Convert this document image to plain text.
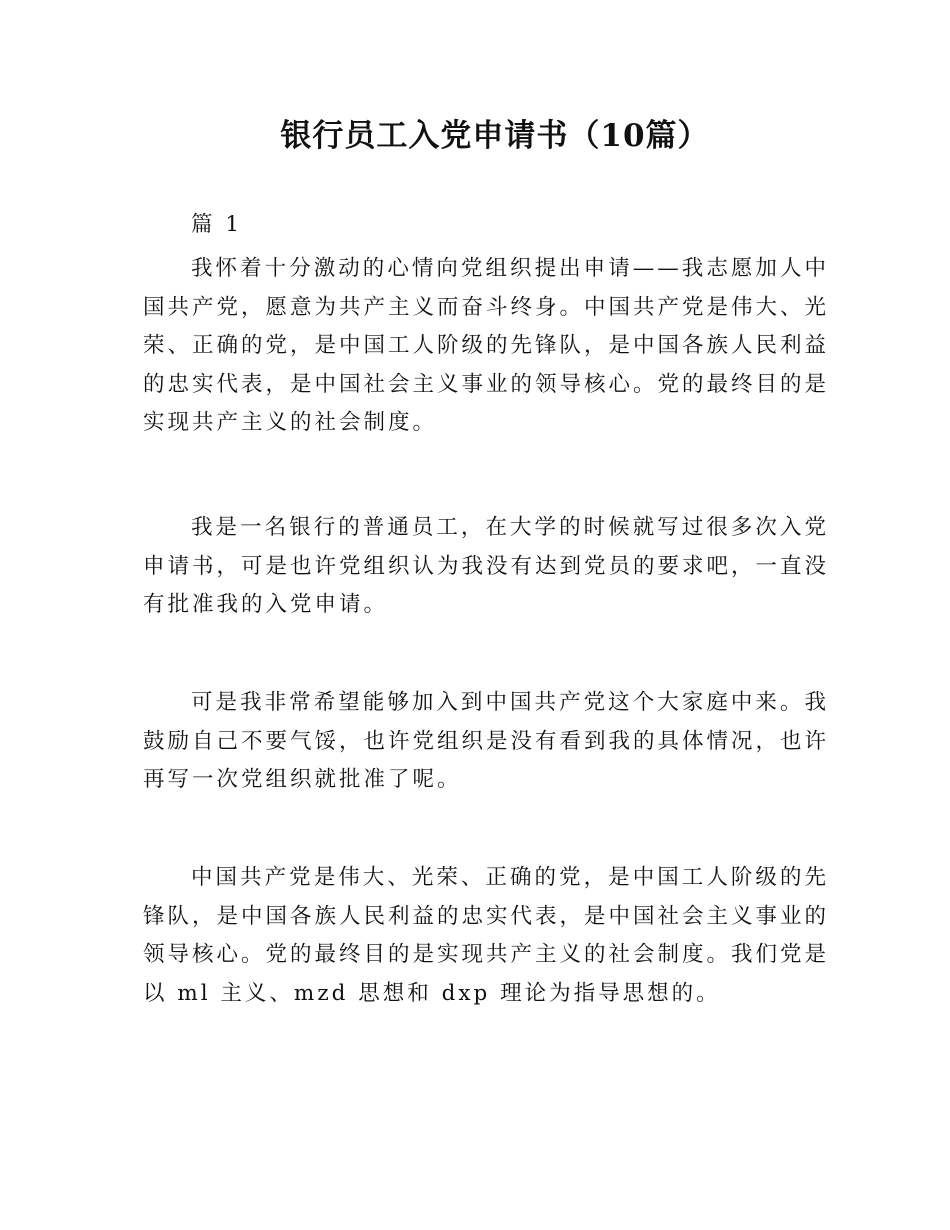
银行员工入党申请书（10篇）

篇 1

我怀着十分激动的心情向党组织提出申请——我志愿加人中国共产党，愿意为共产主义而奋斗终身。中国共产党是伟大、光荣、正确的党，是中国工人阶级的先锋队，是中国各族人民利益的忠实代表，是中国社会主义事业的领导核心。党的最终目的是实现共产主义的社会制度。

我是一名银行的普通员工，在大学的时候就写过很多次入党申请书，可是也许党组织认为我没有达到党员的要求吧，一直没有批准我的入党申请。

可是我非常希望能够加入到中国共产党这个大家庭中来。我鼓励自己不要气馁，也许党组织是没有看到我的具体情况，也许再写一次党组织就批准了呢。

中国共产党是伟大、光荣、正确的党，是中国工人阶级的先锋队，是中国各族人民利益的忠实代表，是中国社会主义事业的领导核心。党的最终目的是实现共产主义的社会制度。我们党是以 ml 主义、mzd 思想和 dxp 理论为指导思想的。
